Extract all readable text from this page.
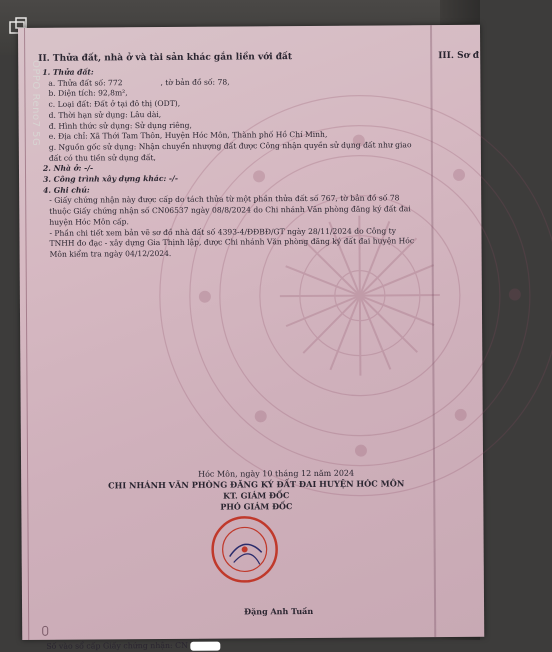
II. Thửa đất, nhà ở và tài sản khác gắn liền với đất	III. Sơ đ
1. Thửa đất:
a. Thửa đất số: 772	, tờ bản đồ số: 78,
b. Diện tích: 92,8m²,
c. Loại đất: Đất ở tại đô thị (ODT),
d. Thời hạn sử dụng: Lâu dài,
đ. Hình thức sử dụng: Sử dụng riêng,
e. Địa chỉ: Xã Thới Tam Thôn, Huyện Hóc Môn, Thành phố Hồ Chí Minh,
g. Nguồn gốc sử dụng: Nhận chuyển nhượng đất được Công nhận quyền sử dụng đất như giao đất có thu tiền sử dụng đất,
2. Nhà ở: -/-
3. Công trình xây dựng khác: -/-
4. Ghi chú:
- Giấy chứng nhận này được cấp do tách thửa từ một phần thửa đất số 767, tờ bản đồ số 78 thuộc Giấy chứng nhận số CN06537 ngày 08/8/2024 do Chi nhánh Văn phòng đăng ký đất đai huyện Hóc Môn cấp.
- Phần chi tiết xem bản vẽ sơ đồ nhà đất số 4393-4/ĐĐBĐ/GT ngày 28/11/2024 do Công ty TNHH đo đạc - xây dựng Gia Thịnh lập, được Chi nhánh Văn phòng đăng ký đất đai huyện Hóc Môn kiểm tra ngày 04/12/2024.
Hóc Môn, ngày 10 tháng 12 năm 2024
CHI NHÁNH VĂN PHÒNG ĐĂNG KÝ ĐẤT ĐAI HUYỆN HÓC MÔN
KT. GIÁM ĐỐC
PHÓ GIÁM ĐỐC
Đặng Anh Tuấn
Số vào sổ cấp Giấy chứng nhận: CN
OPPO Reno7 5G
